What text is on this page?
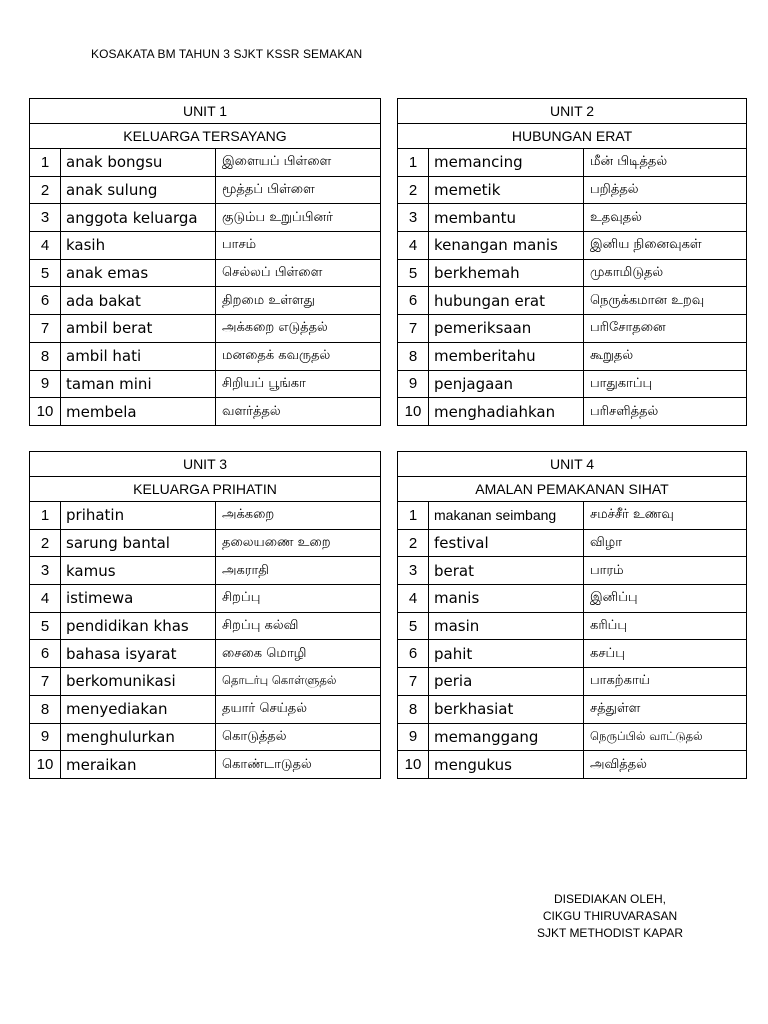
KOSAKATA BM TAHUN 3 SJKT KSSR SEMAKAN
UNIT 1		
KELUARGA TERSAYANG		
1	anak bongsu	இளையப் பிள்ளை
2	anak sulung	மூத்தப் பிள்ளை
3	anggota keluarga	குடும்ப உறுப்பினர்
4	kasih	பாசம்
5	anak emas	செல்லப் பிள்ளை
6	ada bakat	திறமை உள்ளது
7	ambil berat	அக்கறை எடுத்தல்
8	ambil hati	மனதைக் கவருதல்
9	taman mini	சிறியப் பூங்கா
10	membela	வளர்த்தல்
UNIT 2		
HUBUNGAN ERAT		
1	memancing	மீன் பிடித்தல்
2	memetik	பறித்தல்
3	membantu	உதவுதல்
4	kenangan manis	இனிய நினைவுகள்
5	berkhemah	முகாமிடுதல்
6	hubungan erat	நெருக்கமான உறவு
7	pemeriksaan	பரிசோதனை
8	memberitahu	கூறுதல்
9	penjagaan	பாதுகாப்பு
10	menghadiahkan	பரிசளித்தல்
UNIT 3		
KELUARGA PRIHATIN		
1	prihatin	அக்கறை
2	sarung bantal	தலையணை உறை
3	kamus	அகராதி
4	istimewa	சிறப்பு
5	pendidikan khas	சிறப்பு கல்வி
6	bahasa isyarat	சைகை மொழி
7	berkomunikasi	தொடர்பு கொள்ளுதல்
8	menyediakan	தயார் செய்தல்
9	menghulurkan	கொடுத்தல்
10	meraikan	கொண்டாடுதல்
UNIT 4		
AMALAN PEMAKANAN SIHAT		
1	makanan seimbang	சமச்சீர் உணவு
2	festival	விழா
3	berat	பாரம்
4	manis	இனிப்பு
5	masin	கரிப்பு
6	pahit	கசப்பு
7	peria	பாகற்காய்
8	berkhasiat	சத்துள்ள
9	memanggang	நெருப்பில் வாட்டுதல்
10	mengukus	அவித்தல்
DISEDIAKAN OLEH,
CIKGU THIRUVARASAN
SJKT METHODIST KAPAR
